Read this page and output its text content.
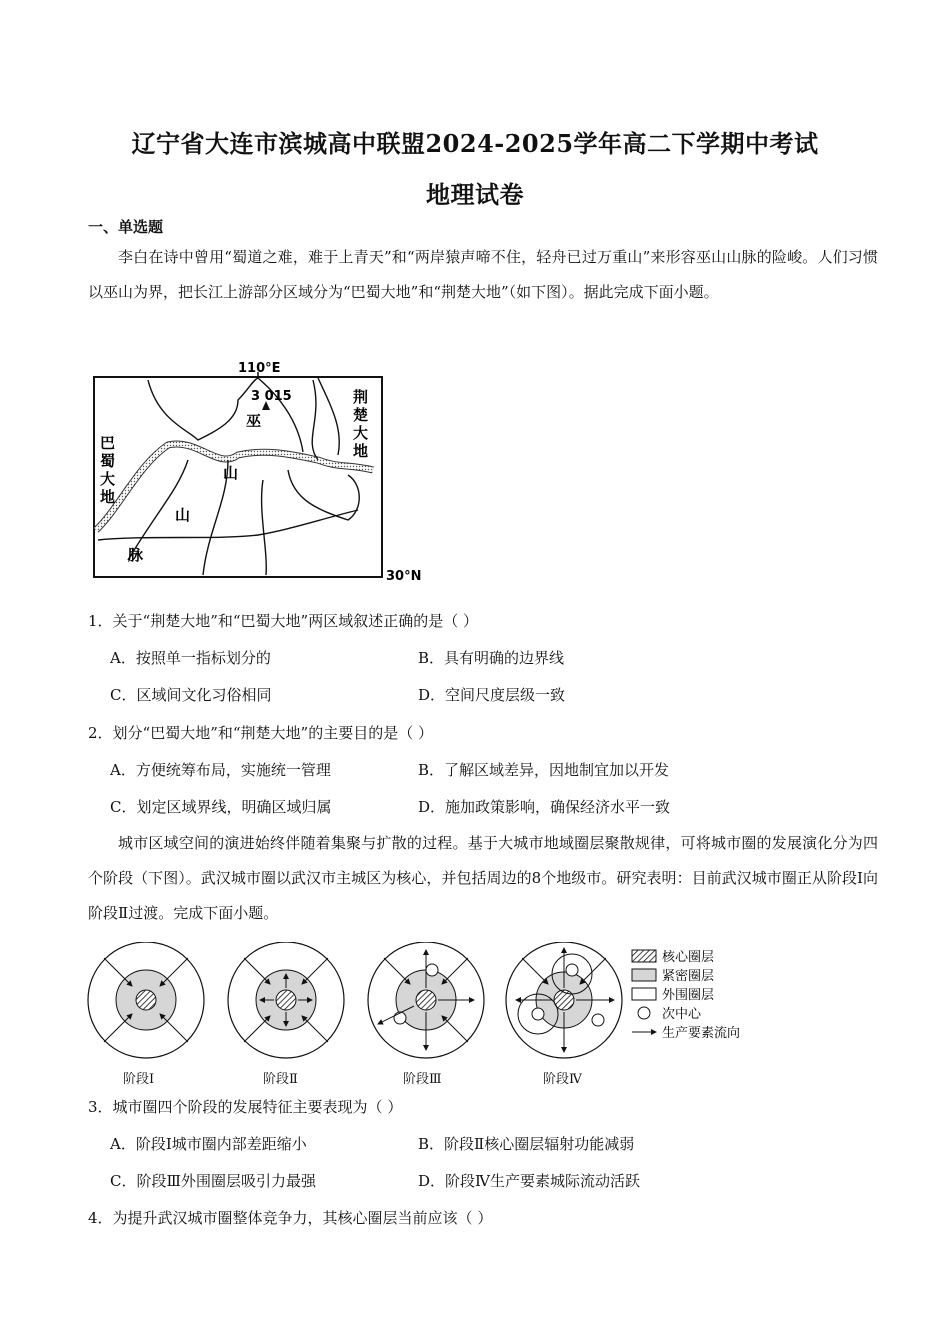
辽宁省大连市滨城高中联盟2024-2025学年高二下学期中考试
地理试卷
一、单选题
李白在诗中曾用“蜀道之难，难于上青天”和“两岸猿声啼不住，轻舟已过万重山”来形容巫山山脉的险峻。人们习惯以巫山为界，把长江上游部分区域分为“巴蜀大地”和“荆楚大地”（如下图）。据此完成下面小题。
110°E
30°N
3 015
巴
蜀
大
地
荆
楚
大
地
巫
山
山
脉
1．关于“荆楚大地”和“巴蜀大地”两区域叙述正确的是（ ）
A．按照单一指标划分的	B．具有明确的边界线
C．区域间文化习俗相同	D．空间尺度层级一致
2．划分“巴蜀大地”和“荆楚大地”的主要目的是（ ）
A．方便统筹布局，实施统一管理	B．了解区域差异，因地制宜加以开发
C．划定区域界线，明确区域归属	D．施加政策影响，确保经济水平一致
城市区域空间的演进始终伴随着集聚与扩散的过程。基于大城市地域圈层聚散规律，可将城市圈的发展演化分为四个阶段（下图）。武汉城市圈以武汉市主城区为核心，并包括周边的8个地级市。研究表明：目前武汉城市圈正从阶段Ⅰ向阶段Ⅱ过渡。完成下面小题。
核心圈层
紧密圈层
外围圈层
次中心
生产要素流向
阶段Ⅰ	阶段Ⅱ	阶段Ⅲ	阶段Ⅳ
3．城市圈四个阶段的发展特征主要表现为（ ）
A．阶段Ⅰ城市圈内部差距缩小	B．阶段Ⅱ核心圈层辐射功能减弱
C．阶段Ⅲ外围圈层吸引力最强	D．阶段Ⅳ生产要素城际流动活跃
4．为提升武汉城市圈整体竞争力，其核心圈层当前应该（ ）
